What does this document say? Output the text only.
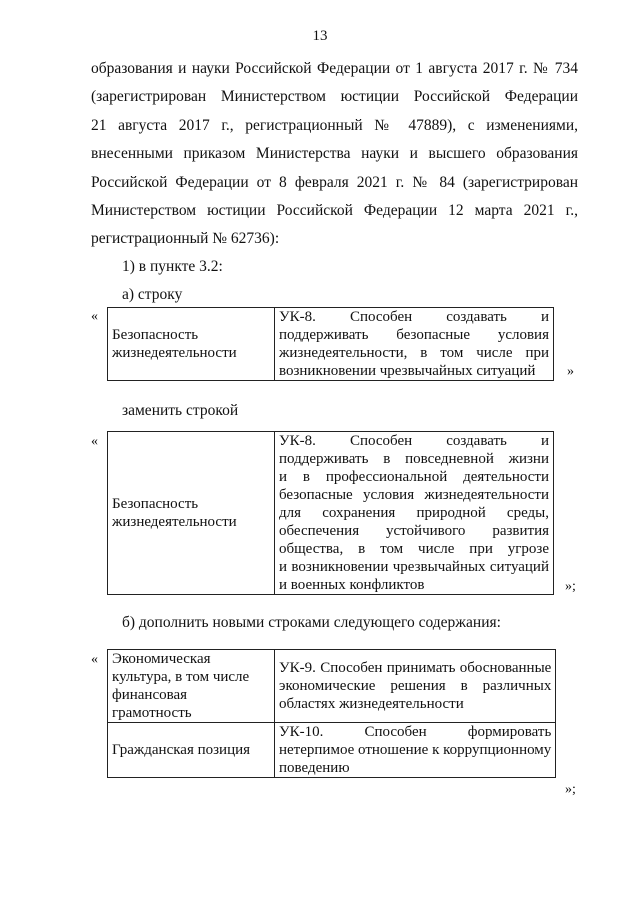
13
образования и науки Российской Федерации от 1 августа 2017 г. № 734
(зарегистрирован Министерством юстиции Российской Федерации
21 августа 2017 г., регистрационный № 47889), с изменениями,
внесенными приказом Министерства науки и высшего образования
Российской Федерации от 8 февраля 2021 г. № 84 (зарегистрирован
Министерством юстиции Российской Федерации 12 марта 2021 г.,
регистрационный № 62736):
1) в пункте 3.2:
а) строку
«
Безопасность
жизнедеятельности

УК-8. Способен создавать и
поддерживать безопасные условия
жизнедеятельности, в том числе при
возникновении чрезвычайных ситуаций	»
заменить строкой
«
Безопасность
жизнедеятельности

УК-8. Способен создавать и
поддерживать в повседневной жизни
и в профессиональной деятельности
безопасные условия жизнедеятельности
для сохранения природной среды,
обеспечения устойчивого развития
общества, в том числе при угрозе
и возникновении чрезвычайных ситуаций
и военных конфликтов	»;
б) дополнить новыми строками следующего содержания:
« Экономическая
культура, в том числе
финансовая
грамотность	УК-9. Способен принимать обоснованные
экономические решения в различных
областях жизнедеятельности

Гражданская позиция	УК-10. Способен формировать
нетерпимое отношение к коррупционному
поведению
»;
